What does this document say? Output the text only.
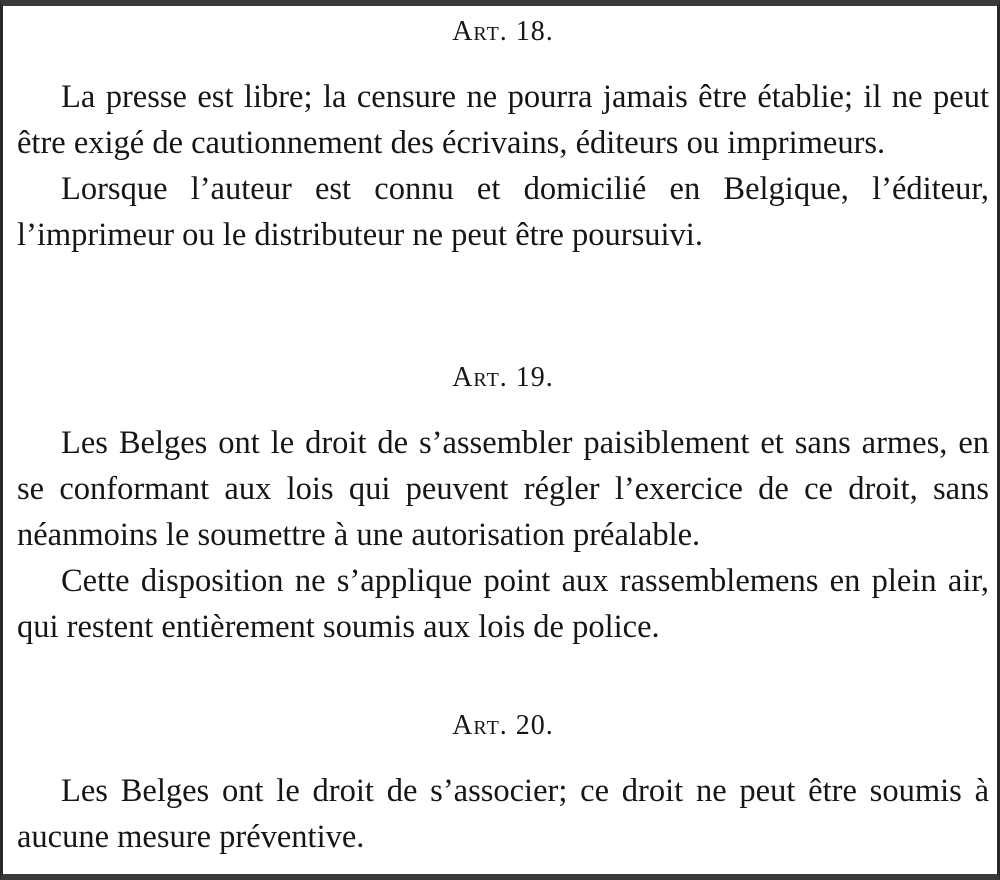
Art. 18.

La presse est libre; la censure ne pourra jamais être établie; il ne peut être exigé de cautionnement des écrivains, éditeurs ou imprimeurs.

Lorsque l’auteur est connu et domicilié en Belgique, l’éditeur, l’imprimeur ou le distributeur ne peut être poursuivi.

Art. 19.

Les Belges ont le droit de s’assembler paisiblement et sans armes, en se conformant aux lois qui peuvent régler l’exercice de ce droit, sans néanmoins le soumettre à une autorisation préalable.

Cette disposition ne s’applique point aux rassemblemens en plein air, qui restent entièrement soumis aux lois de police.

Art. 20.

Les Belges ont le droit de s’associer; ce droit ne peut être soumis à aucune mesure préventive.
